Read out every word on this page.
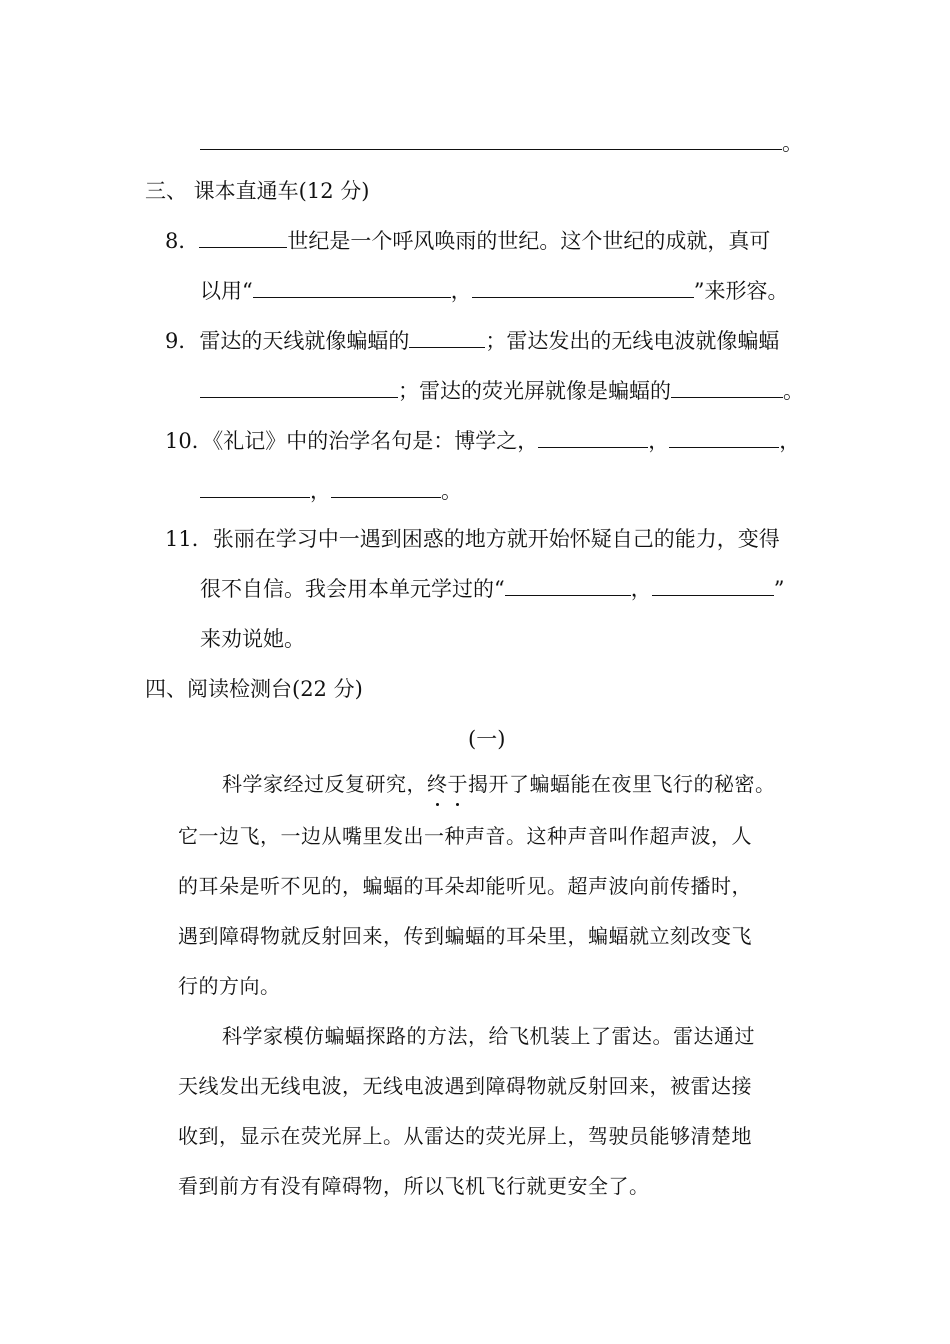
。
三、 课本直通车(12 分)
8．	世纪是一个呼风唤雨的世纪。这个世纪的成就，真可
以用“	，	”来形容。
9．雷达的天线就像蝙蝠的	；雷达发出的无线电波就像蝙蝠
；雷达的荧光屏就像是蝙蝠的	。
10．《礼记》中的治学名句是：博学之，	，	，
，	。
11．张丽在学习中一遇到困惑的地方就开始怀疑自己的能力，变得
很不自信。我会用本单元学过的“	，	”
来劝说她。
四、阅读检测台(22 分)
(一)
科学家经过反复研究，终于揭开了蝙蝠能在夜里飞行的秘密。
它一边飞，一边从嘴里发出一种声音。这种声音叫作超声波，人
的耳朵是听不见的，蝙蝠的耳朵却能听见。超声波向前传播时，
遇到障碍物就反射回来，传到蝙蝠的耳朵里，蝙蝠就立刻改变飞
行的方向。
科学家模仿蝙蝠探路的方法，给飞机装上了雷达。雷达通过
天线发出无线电波，无线电波遇到障碍物就反射回来，被雷达接
收到，显示在荧光屏上。从雷达的荧光屏上，驾驶员能够清楚地
看到前方有没有障碍物，所以飞机飞行就更安全了。
